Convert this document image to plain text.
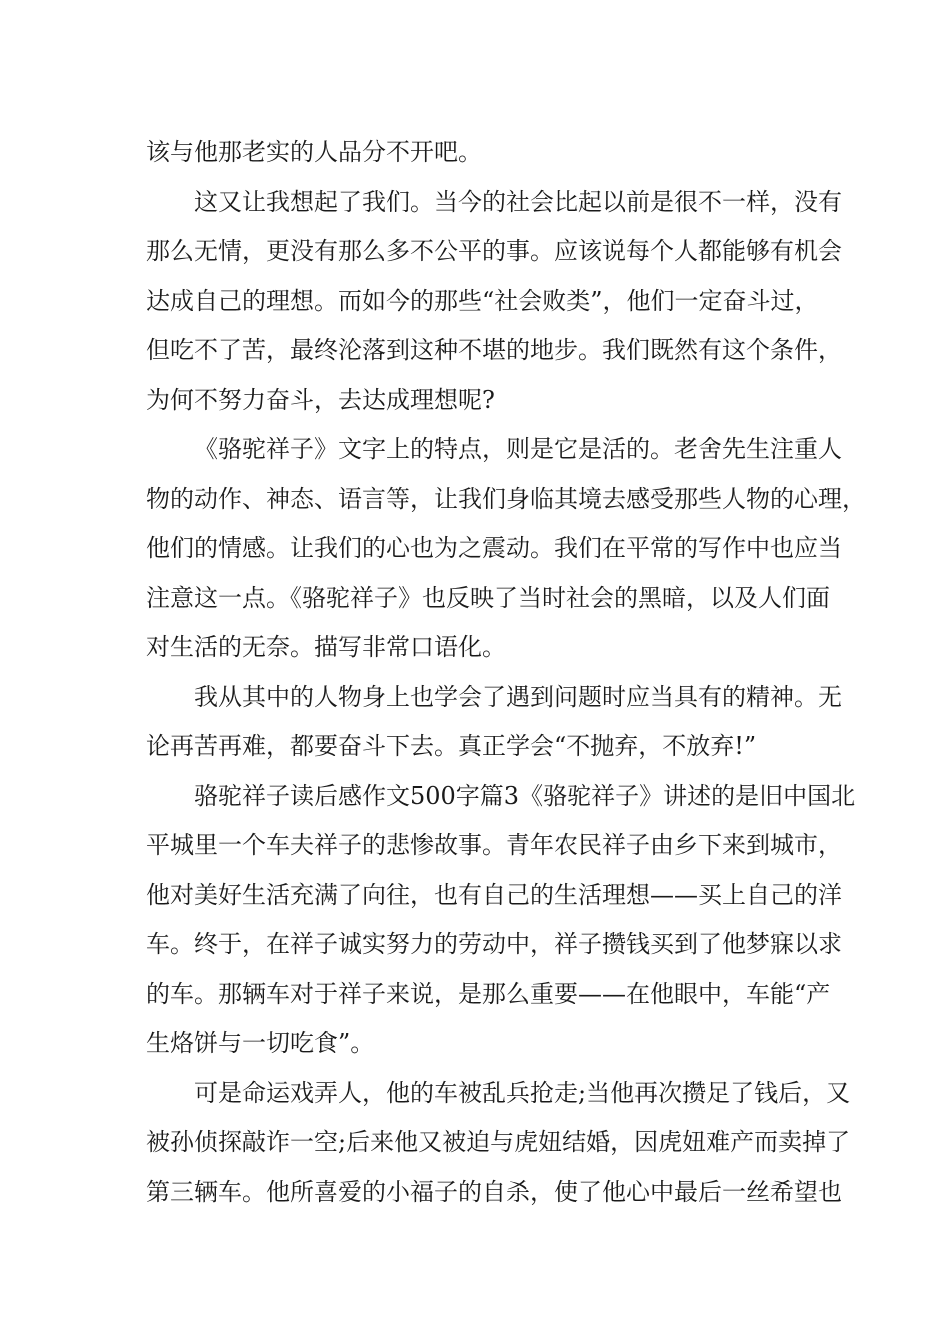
该与他那老实的人品分不开吧。
这又让我想起了我们。当今的社会比起以前是很不一样，没有
那么无情，更没有那么多不公平的事。应该说每个人都能够有机会
达成自己的理想。而如今的那些“社会败类”，他们一定奋斗过，
但吃不了苦，最终沦落到这种不堪的地步。我们既然有这个条件，
为何不努力奋斗，去达成理想呢?
《骆驼祥子》文字上的特点，则是它是活的。老舍先生注重人
物的动作、神态、语言等，让我们身临其境去感受那些人物的心理，
他们的情感。让我们的心也为之震动。我们在平常的写作中也应当
注意这一点。《骆驼祥子》也反映了当时社会的黑暗，以及人们面
对生活的无奈。描写非常口语化。
我从其中的人物身上也学会了遇到问题时应当具有的精神。无
论再苦再难，都要奋斗下去。真正学会“不抛弃，不放弃!”
骆驼祥子读后感作文500字篇3《骆驼祥子》讲述的是旧中国北
平城里一个车夫祥子的悲惨故事。青年农民祥子由乡下来到城市，
他对美好生活充满了向往，也有自己的生活理想——买上自己的洋
车。终于，在祥子诚实努力的劳动中，祥子攒钱买到了他梦寐以求
的车。那辆车对于祥子来说，是那么重要——在他眼中，车能“产
生烙饼与一切吃食”。
可是命运戏弄人，他的车被乱兵抢走;当他再次攒足了钱后，又
被孙侦探敲诈一空;后来他又被迫与虎妞结婚，因虎妞难产而卖掉了
第三辆车。他所喜爱的小福子的自杀，使了他心中最后一丝希望也
